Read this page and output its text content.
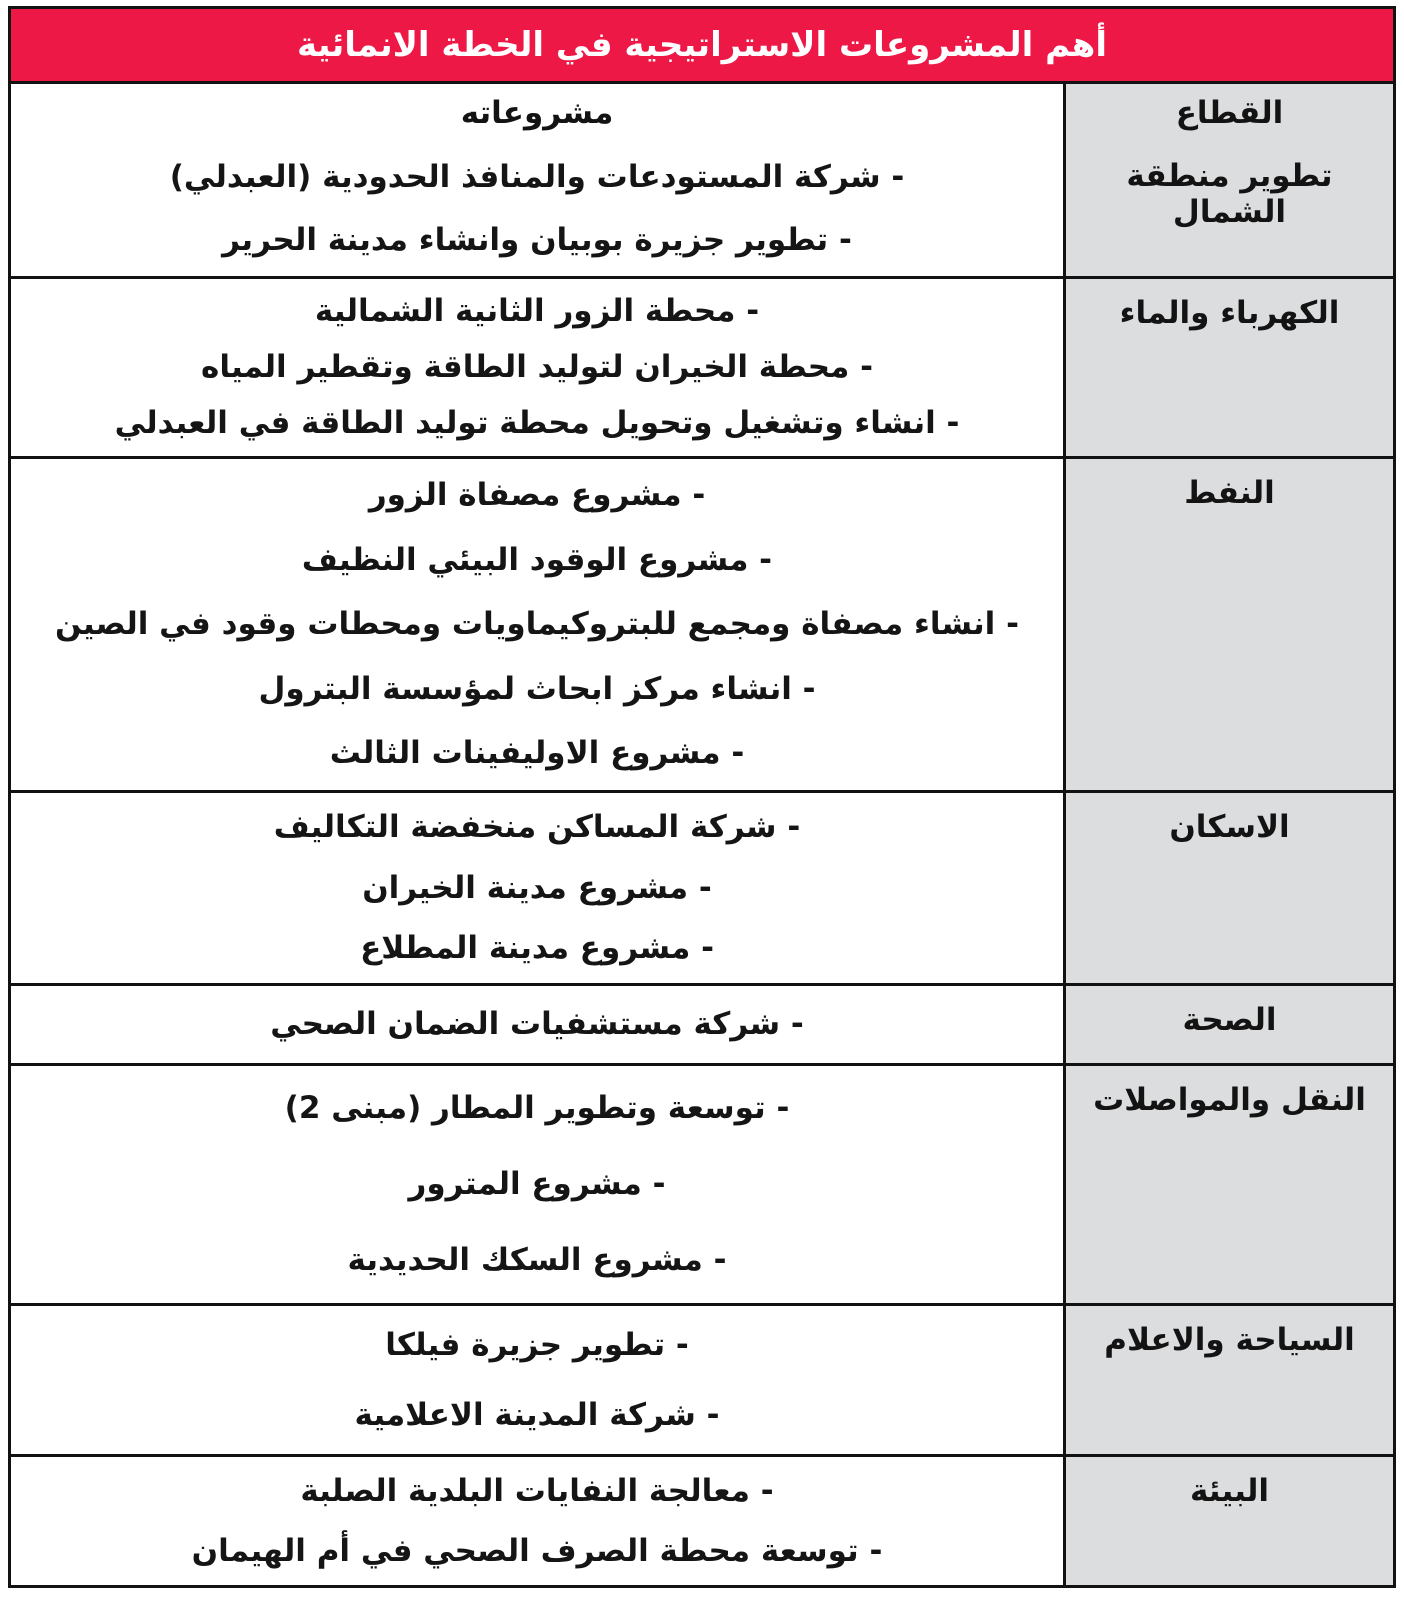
أهم المشروعات الاستراتيجية في الخطة الانمائية
مشروعاته	القطاع
- شركة المستودعات والمنافذ الحدودية (العبدلي)
- تطوير جزيرة بوبيان وانشاء مدينة الحرير
تطوير منطقة الشمال
- محطة الزور الثانية الشمالية
- محطة الخيران لتوليد الطاقة وتقطير المياه
- انشاء وتشغيل وتحويل محطة توليد الطاقة في العبدلي
الكهرباء والماء
- مشروع مصفاة الزور
- مشروع الوقود البيئي النظيف
- انشاء مصفاة ومجمع للبتروكيماويات ومحطات وقود في الصين
- انشاء مركز ابحاث لمؤسسة البترول
- مشروع الاوليفينات الثالث
النفط
- شركة المساكن منخفضة التكاليف
- مشروع مدينة الخيران
- مشروع مدينة المطلاع
الاسكان
- شركة مستشفيات الضمان الصحي	الصحة
- توسعة وتطوير المطار (مبنى 2)
- مشروع المترور
- مشروع السكك الحديدية
النقل والمواصلات
- تطوير جزيرة فيلكا
- شركة المدينة الاعلامية
السياحة والاعلام
- معالجة النفايات البلدية الصلبة
- توسعة محطة الصرف الصحي في أم الهيمان
البيئة
